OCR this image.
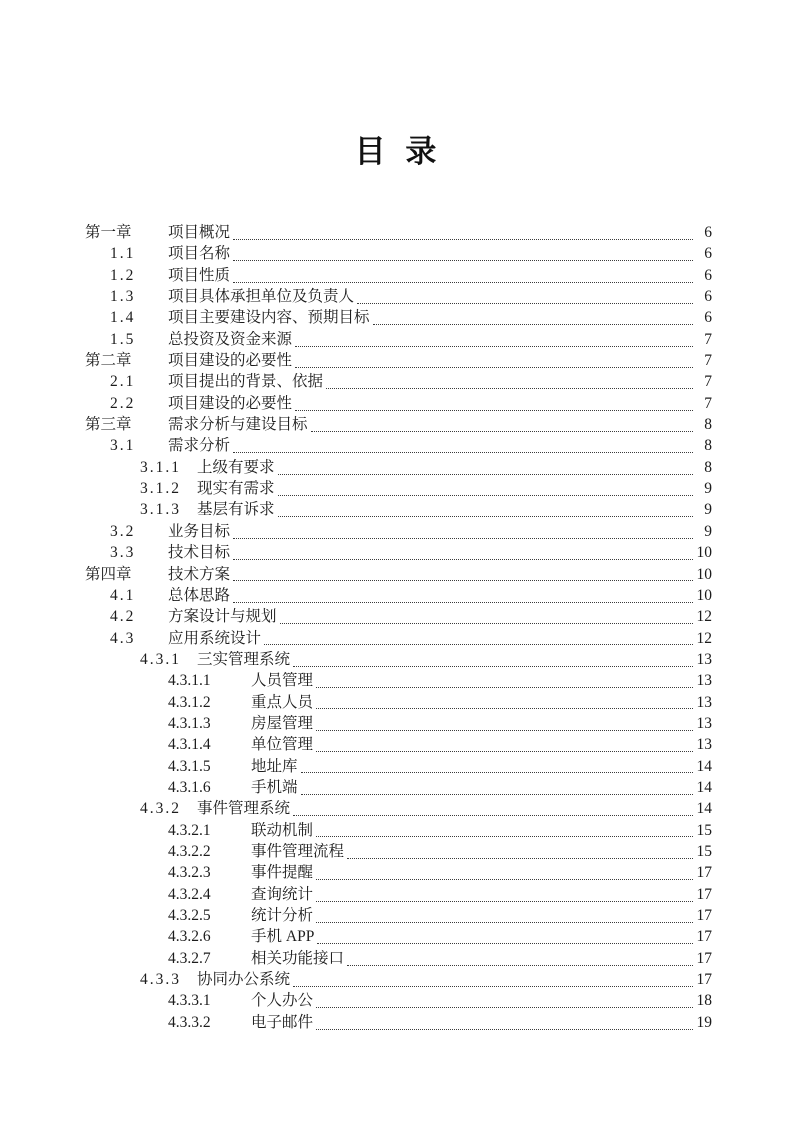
目 录
第一章	项目概况	6
1.1	项目名称	6
1.2	项目性质	6
1.3	项目具体承担单位及负责人	6
1.4	项目主要建设内容、预期目标	6
1.5	总投资及资金来源	7
第二章	项目建设的必要性	7
2.1	项目提出的背景、依据	7
2.2	项目建设的必要性	7
第三章	需求分析与建设目标	8
3.1	需求分析	8
3.1.1	上级有要求	8
3.1.2	现实有需求	9
3.1.3	基层有诉求	9
3.2	业务目标	9
3.3	技术目标	10
第四章	技术方案	10
4.1	总体思路	10
4.2	方案设计与规划	12
4.3	应用系统设计	12
4.3.1	三实管理系统	13
4.3.1.1	人员管理	13
4.3.1.2	重点人员	13
4.3.1.3	房屋管理	13
4.3.1.4	单位管理	13
4.3.1.5	地址库	14
4.3.1.6	手机端	14
4.3.2	事件管理系统	14
4.3.2.1	联动机制	15
4.3.2.2	事件管理流程	15
4.3.2.3	事件提醒	17
4.3.2.4	查询统计	17
4.3.2.5	统计分析	17
4.3.2.6	手机 APP	17
4.3.2.7	相关功能接口	17
4.3.3	协同办公系统	17
4.3.3.1	个人办公	18
4.3.3.2	电子邮件	19
